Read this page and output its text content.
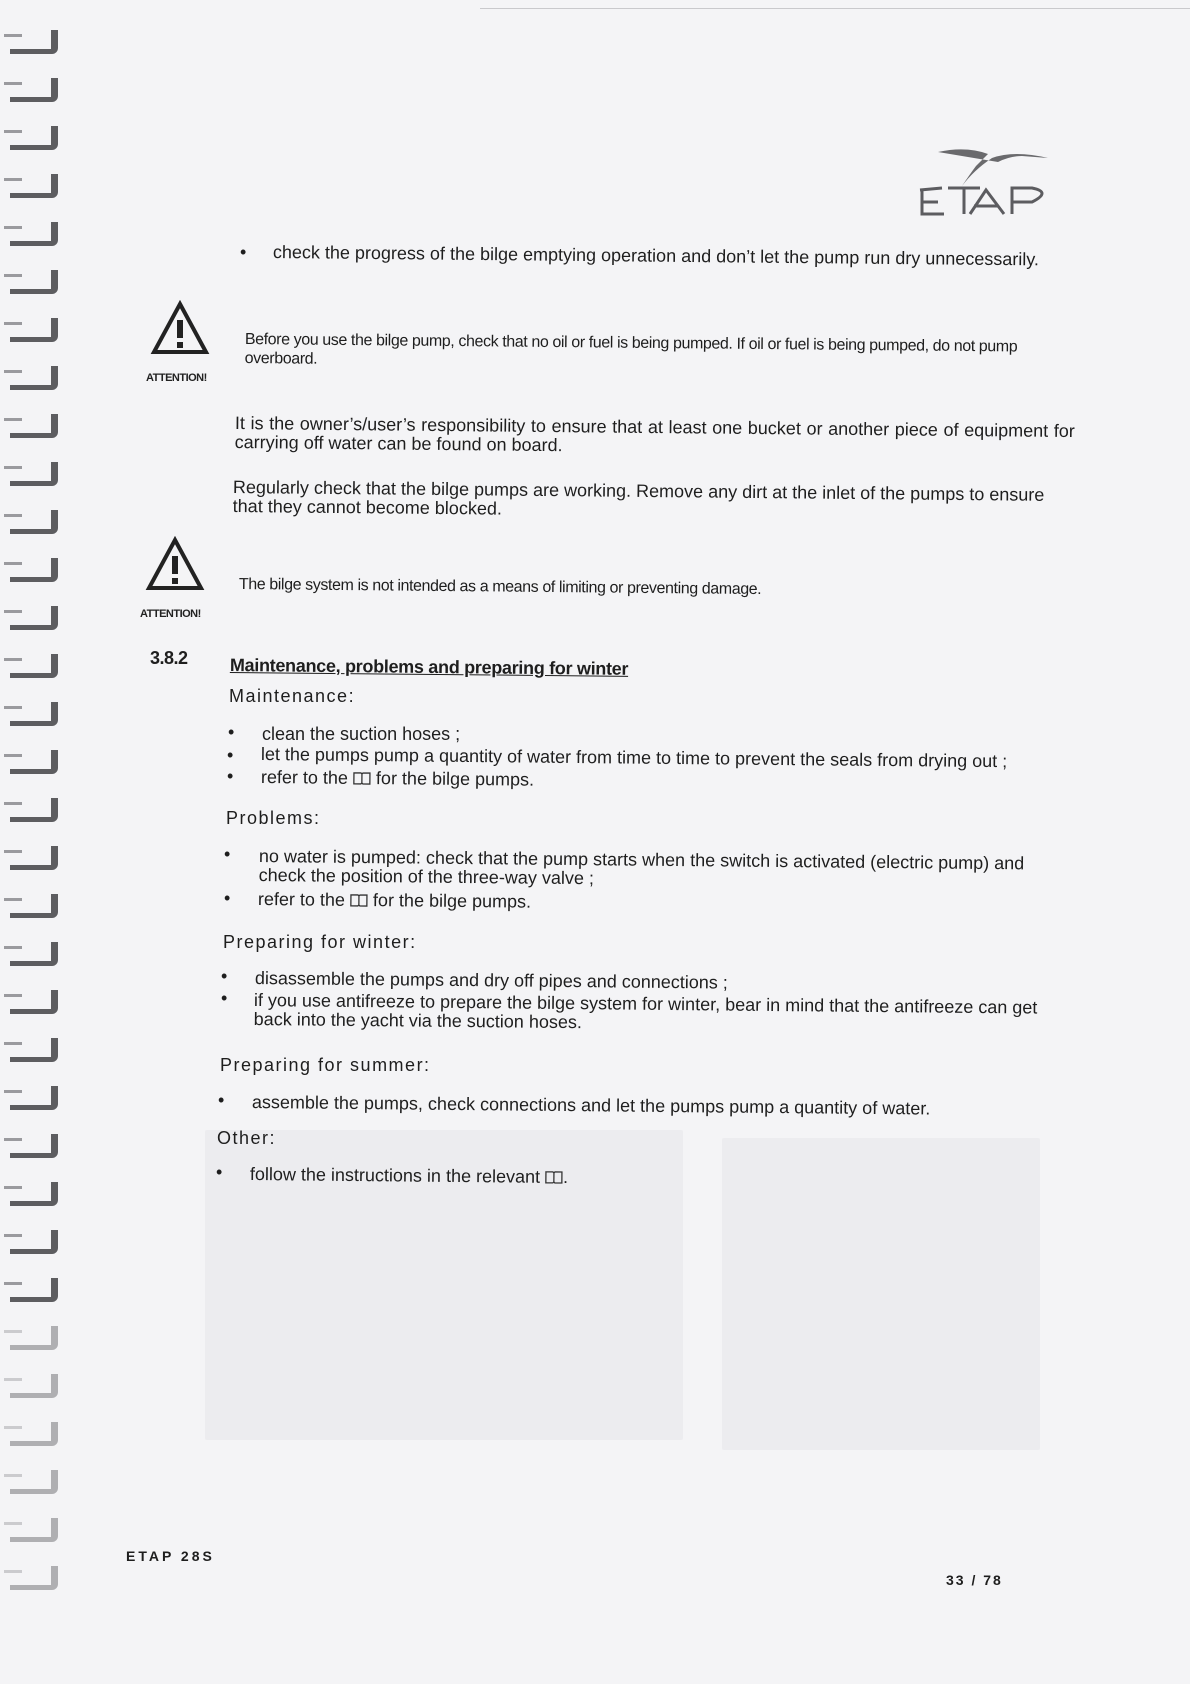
• check the progress of the bilge emptying operation and don’t let the pump run dry unnecessarily.
ATTENTION!
Before you use the bilge pump, check that no oil or fuel is being pumped. If oil or fuel is being pumped, do not pump overboard.
It is the owner’s/user’s responsibility to ensure that at least one bucket or another piece of equipment for carrying off water can be found on board.
Regularly check that the bilge pumps are working. Remove any dirt at the inlet of the pumps to ensure that they cannot become blocked.
ATTENTION!
The bilge system is not intended as a means of limiting or preventing damage.
3.8.2 Maintenance, problems and preparing for winter
Maintenance:
• clean the suction hoses ;
• let the pumps pump a quantity of water from time to time to prevent the seals from drying out ;
• refer to the for the bilge pumps.
Problems:
• no water is pumped: check that the pump starts when the switch is activated (electric pump) and check the position of the three-way valve ;
• refer to the for the bilge pumps.
Preparing for winter:
• disassemble the pumps and dry off pipes and connections ;
• if you use antifreeze to prepare the bilge system for winter, bear in mind that the antifreeze can get back into the yacht via the suction hoses.
Preparing for summer:
• assemble the pumps, check connections and let the pumps pump a quantity of water.
Other:
• follow the instructions in the relevant .
ETAP 28S
33 / 78
